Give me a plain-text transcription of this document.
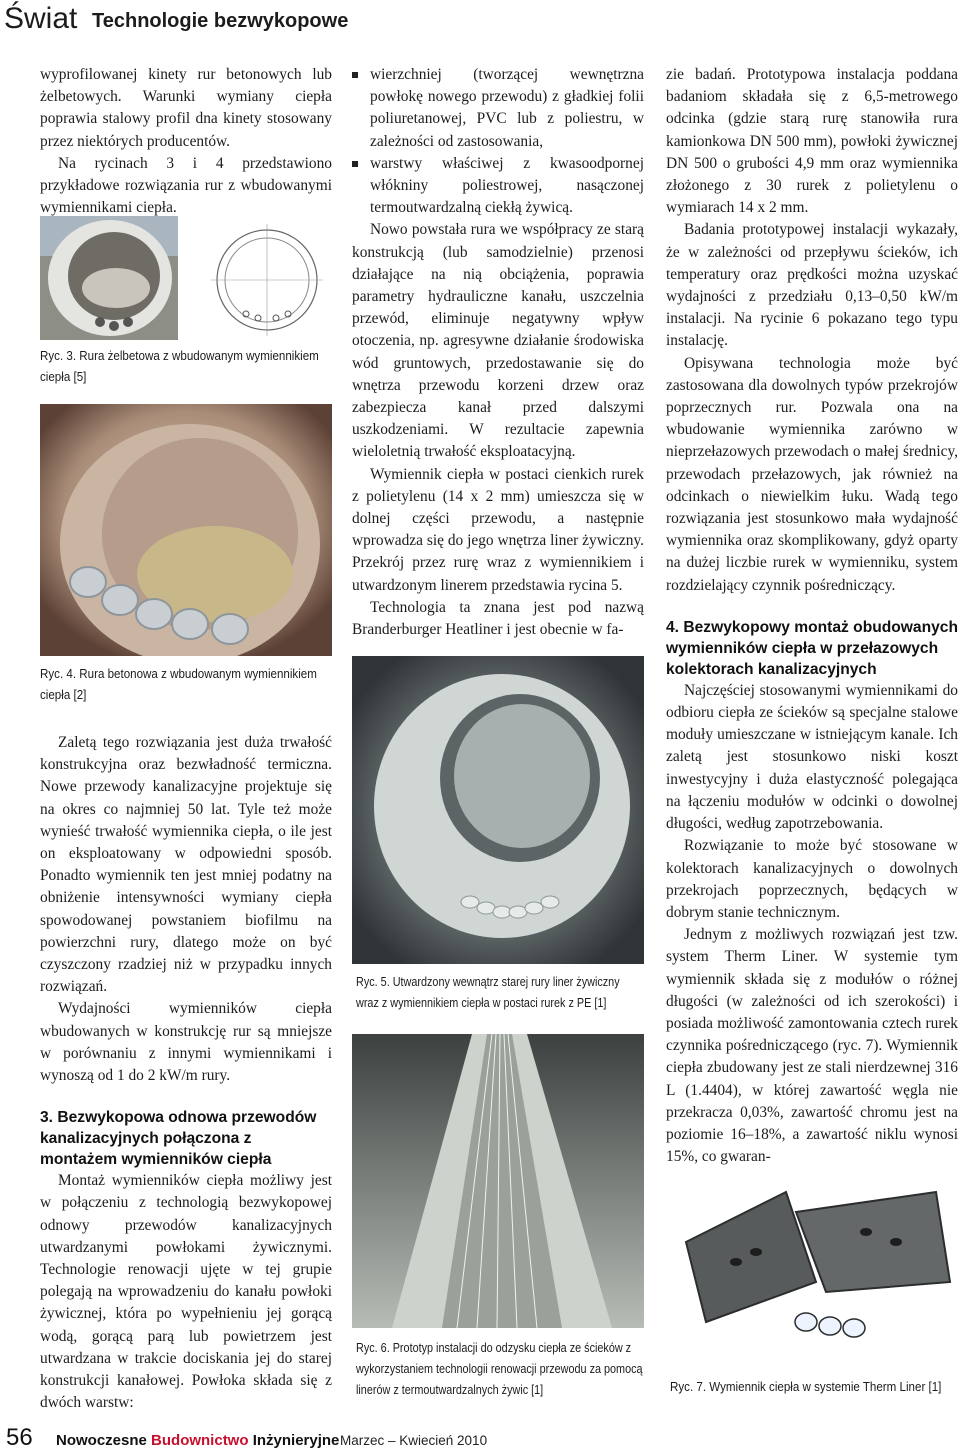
Świat Technologie bezwykopowe

wyprofilowanej kinety rur betonowych lub żelbetowych. Warunki wymiany ciepła poprawia stalowy profil dna kinety stosowany przez niektórych producentów.

Na rycinach 3 i 4 przedstawiono przykładowe rozwiązania rur z wbudowanymi wymiennikami ciepła.

Ryc. 3. Rura żelbetowa z wbudowanym wymiennikiem ciepła [5]
Ryc. 4. Rura betonowa z wbudowanym wymiennikiem ciepła [2]

Zaletą tego rozwiązania jest duża trwałość konstrukcyjna oraz bezwładność termiczna. Nowe przewody kanalizacyjne projektuje się na okres co najmniej 50 lat. Tyle też może wynieść trwałość wymiennika ciepła, o ile jest on eksploatowany w odpowiedni sposób. Ponadto wymiennik ten jest mniej podatny na obniżenie intensywności wymiany ciepła spowodowanej powstaniem biofilmu na powierzchni rury, dlatego może on być czyszczony rzadziej niż w przypadku innych rozwiązań.

Wydajności wymienników ciepła wbudowanych w konstrukcję rur są mniejsze w porównaniu z innymi wymiennikami i wynoszą od 1 do 2 kW/m rury.

3. Bezwykopowa odnowa przewodów kanalizacyjnych połączona z montażem wymienników ciepła

Montaż wymienników ciepła możliwy jest w połączeniu z technologią bezwykopowej odnowy przewodów kanalizacyjnych utwardzanymi powłokami żywicznymi. Technologie renowacji ujęte w tej grupie polegają na wprowadzeniu do kanału powłoki żywicznej, która po wypełnieniu jej gorącą wodą, gorącą parą lub powietrzem jest utwardzana w trakcie dociskania jej do starej konstrukcji kanałowej. Powłoka składa się z dwóch warstw:

wierzchniej (tworzącej wewnętrzna powłokę nowego przewodu) z gładkiej folii poliuretanowej, PVC lub z poliestru, w zależności od zastosowania,

warstwy właściwej z kwasoodpornej włókniny poliestrowej, nasączonej termoutwardzalną ciekłą żywicą.

Nowo powstała rura we współpracy ze starą konstrukcją (lub samodzielnie) przenosi działające na nią obciążenia, poprawia parametry hydrauliczne kanału, uszczelnia przewód, eliminuje negatywny wpływ otoczenia, np. agresywne działanie środowiska wód gruntowych, przedostawanie się do wnętrza przewodu korzeni drzew oraz zabezpiecza kanał przed dalszymi uszkodzeniami. W rezultacie zapewnia wieloletnią trwałość eksploatacyjną.

Wymiennik ciepła w postaci cienkich rurek z polietylenu (14 x 2 mm) umieszcza się w dolnej części przewodu, a następnie wprowadza się do jego wnętrza liner żywiczny. Przekrój przez rurę wraz z wymiennikiem i utwardzonym linerem przedstawia rycina 5.

Technologia ta znana jest pod nazwą Branderburger Heatliner i jest obecnie w fa-

Ryc. 5. Utwardzony wewnątrz starej rury liner żywiczny wraz z wymiennikiem ciepła w postaci rurek z PE [1]
Ryc. 6. Prototyp instalacji do odzysku ciepła ze ścieków z wykorzystaniem technologii renowacji przewodu za pomocą linerów z termoutwardzalnych żywic [1]

zie badań. Prototypowa instalacja poddana badaniom składała się z 6,5-metrowego odcinka (gdzie starą rurę stanowiła rura kamionkowa DN 500 mm), powłoki żywicznej DN 500 o grubości 4,9 mm oraz wymiennika złożonego z 30 rurek z polietylenu o wymiarach 14 x 2 mm.

Badania prototypowej instalacji wykazały, że w zależności od przepływu ścieków, ich temperatury oraz prędkości można uzyskać wydajności z przedziału 0,13–0,50 kW/m instalacji. Na rycinie 6 pokazano tego typu instalację.

Opisywana technologia może być zastosowana dla dowolnych typów przekrojów poprzecznych rur. Pozwala ona na wbudowanie wymiennika zarówno w nieprzełazowych przewodach o małej średnicy, przewodach przełazowych, jak również na odcinkach o niewielkim łuku. Wadą tego rozwiązania jest stosunkowo mała wydajność wymiennika oraz skomplikowany, gdyż oparty na dużej liczbie rurek w wymienniku, system rozdzielający czynnik pośredniczący.

4. Bezwykopowy montaż obudowanych wymienników ciepła w przełazowych kolektorach kanalizacyjnych

Najczęściej stosowanymi wymiennikami do odbioru ciepła ze ścieków są specjalne stalowe moduły umieszczane w istniejącym kanale. Ich zaletą jest stosunkowo niski koszt inwestycyjny i duża elastyczność polegająca na łączeniu modułów w odcinki o dowolnej długości, według zapotrzebowania.

Rozwiązanie to może być stosowane w kolektorach kanalizacyjnych o dowolnych przekrojach poprzecznych, będących w dobrym stanie technicznym.

Jednym z możliwych rozwiązań jest tzw. system Therm Liner. W systemie tym wymiennik składa się z modułów o różnej długości (w zależności od ich szerokości) i posiada możliwość zamontowania cztech rurek czynnika pośredniczącego (ryc. 7). Wymiennik ciepła zbudowany jest ze stali nierdzewnej 316 L (1.4404), w której zawartość węgla nie przekracza 0,03%, zawartość chromu jest na poziomie 16–18%, a zawartość niklu wynosi 15%, co gwaran-

Ryc. 7. Wymiennik ciepła w systemie Therm Liner [1]
56 Nowoczesne Budownictwo Inżynieryjne Marzec – Kwiecień 2010
